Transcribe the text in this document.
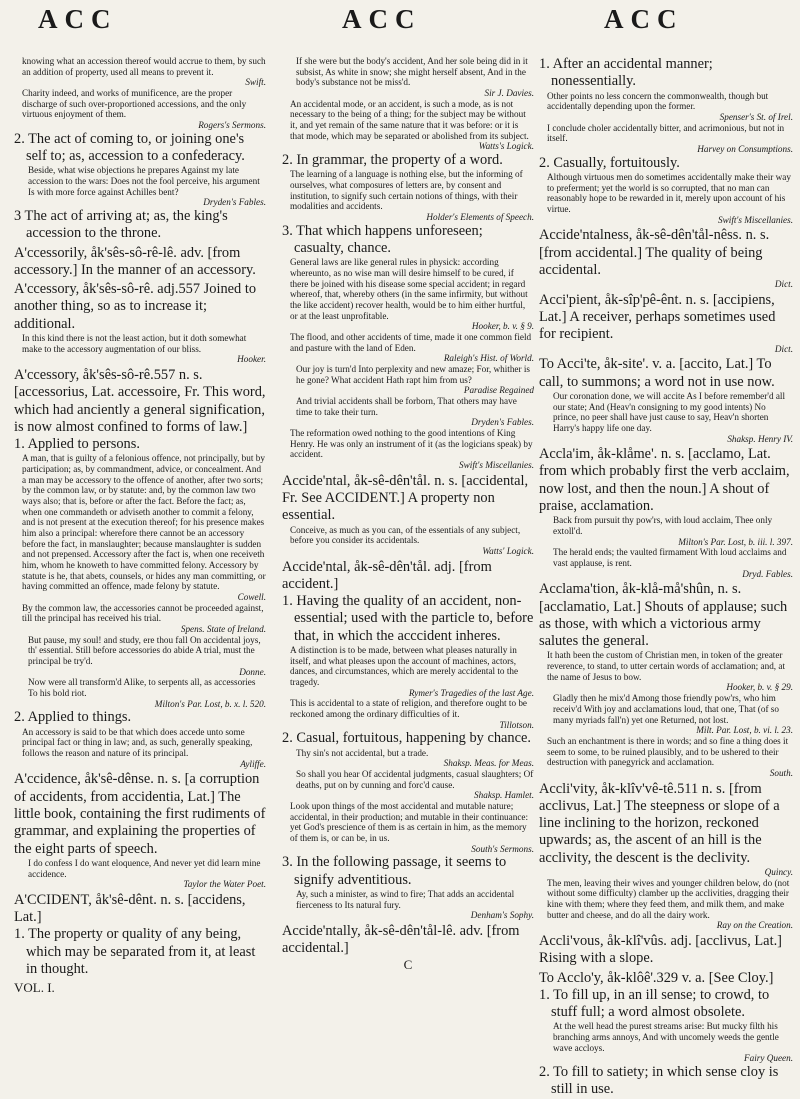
ACC	ACC	ACC

knowing what an accession thereof would accrue to them, by such an addition of property, used all means to prevent it.

Swift.

Charity indeed, and works of munificence, are the proper discharge of such over-proportioned accessions, and the only virtuous enjoyment of them.

Rogers's Sermons.

2. The act of coming to, or joining one's self to; as, accession to a confederacy.

Beside, what wise objections he prepares Against my late accession to the wars: Does not the fool perceive, his argument Is with more force against Achilles bent?

Dryden's Fables.

3 The act of arriving at; as, the king's accession to the throne.

A'ccessorily, åk'sês-sô-rê-lê. adv. [from accessory.] In the manner of an accessory.

A'ccessory, åk'sês-sô-rê. adj.557 Joined to another thing, so as to increase it; additional.

In this kind there is not the least action, but it doth somewhat make to the accessory augmentation of our bliss.

Hooker.

A'ccessory, åk'sês-sô-rê.557 n. s. [accessorius, Lat. accessoire, Fr. This word, which had anciently a general signification, is now almost confined to forms of law.]

1. Applied to persons.

A man, that is guilty of a felonious offence, not principally, but by participation; as, by commandment, advice, or concealment. And a man may be accessory to the offence of another, after two sorts; by the common law, or by statute: and, by the common law two ways also; that is, before or after the fact. Before the fact; as, when one commandeth or adviseth another to commit a felony, and is not present at the execution thereof; for his presence makes him also a principal: wherefore there cannot be an accessory before the fact, in manslaughter; because manslaughter is sudden and not prepensed. Accessory after the fact is, when one receiveth him, whom he knoweth to have committed felony. Accessory by statute is he, that abets, counsels, or hides any man committing, or having committed an offence, made felony by statute.

Cowell.

By the common law, the accessories cannot be proceeded against, till the principal has received his trial.

Spens. State of Ireland.

But pause, my soul! and study, ere thou fall On accidental joys, th' essential. Still before accessories do abide A trial, must the principal be try'd.

Donne.

Now were all transform'd Alike, to serpents all, as accessories To his bold riot.

Milton's Par. Lost, b. x. l. 520.

2. Applied to things.

An accessory is said to be that which does accede unto some principal fact or thing in law; and, as such, generally speaking, follows the reason and nature of its principal.

Ayliffe.

A'ccidence, åk'sê-dênse. n. s. [a corruption of accidents, from accidentia, Lat.] The little book, containing the first rudiments of grammar, and explaining the properties of the eight parts of speech.

I do confess I do want eloquence, And never yet did learn mine accidence.

Taylor the Water Poet.

A'CCIDENT, åk'sê-dênt. n. s. [accidens, Lat.]

1. The property or quality of any being, which may be separated from it, at least in thought.

VOL. I.

If she were but the body's accident, And her sole being did in it subsist, As white in snow; she might herself absent, And in the body's substance not be miss'd.

Sir J. Davies.

An accidental mode, or an accident, is such a mode, as is not necessary to the being of a thing; for the subject may be without it, and yet remain of the same nature that it was before: or it is that mode, which may be separated or abolished from its subject.

Watts's Logick.

2. In grammar, the property of a word.

The learning of a language is nothing else, but the informing of ourselves, what composures of letters are, by consent and institution, to signify such certain notions of things, with their modalities and accidents.

Holder's Elements of Speech.

3. That which happens unforeseen; casualty, chance.

General laws are like general rules in physick: according whereunto, as no wise man will desire himself to be cured, if there be joined with his disease some special accident; in regard whereof, that, whereby others (in the same infirmity, but without the like accident) recover health, would be to him either hurtful, or at the least unprofitable.

Hooker, b. v. § 9.

The flood, and other accidents of time, made it one common field and pasture with the land of Eden.

Raleigh's Hist. of World.

Our joy is turn'd Into perplexity and new amaze; For, whither is he gone? What accident Hath rapt him from us?

Paradise Regained

And trivial accidents shall be forborn, That others may have time to take their turn.

Dryden's Fables.

The reformation owed nothing to the good intentions of King Henry. He was only an instrument of it (as the logicians speak) by accident.

Swift's Miscellanies.

Accide'ntal, åk-sê-dên'tål. n. s. [accidental, Fr. See ACCIDENT.] A property non essential.

Conceive, as much as you can, of the essentials of any subject, before you consider its accidentals.

Watts' Logick.

Accide'ntal, åk-sê-dên'tål. adj. [from accident.]

1. Having the quality of an accident, non-essential; used with the particle to, before that, in which the acccident inheres.

A distinction is to be made, between what pleases naturally in itself, and what pleases upon the account of machines, actors, dances, and circumstances, which are merely accidental to the tragedy.

Rymer's Tragedies of the last Age.

This is accidental to a state of religion, and therefore ought to be reckoned among the ordinary difficulties of it.

Tillotson.

2. Casual, fortuitous, happening by chance.

Thy sin's not accidental, but a trade.

Shaksp. Meas. for Meas.

So shall you hear Of accidental judgments, casual slaughters; Of deaths, put on by cunning and forc'd cause.

Shaksp. Hamlet.

Look upon things of the most accidental and mutable nature; accidental, in their production; and mutable in their continuance: yet God's prescience of them is as certain in him, as the memory of them is, or can be, in us.

South's Sermons.

3. In the following passage, it seems to signify adventitious.

Ay, such a minister, as wind to fire; That adds an accidental fierceness to Its natural fury.

Denham's Sophy.

Accide'ntally, åk-sê-dên'tål-lê. adv. [from accidental.]

C

1. After an accidental manner; nonessentially.

Other points no less concern the commonwealth, though but accidentally depending upon the former.

Spenser's St. of Irel.

I conclude choler accidentally bitter, and acrimonious, but not in itself.

Harvey on Consumptions.

2. Casually, fortuitously.

Although virtuous men do sometimes accidentally make their way to preferment; yet the world is so corrupted, that no man can reasonably hope to be rewarded in it, merely upon account of his virtue.

Swift's Miscellanies.

Accide'ntalness, åk-sê-dên'tål-nêss. n. s. [from accidental.] The quality of being accidental.

Dict.

Acci'pient, åk-sîp'pê-ênt. n. s. [accipiens, Lat.] A receiver, perhaps sometimes used for recipient.

Dict.

To Acci'te, åk-site'. v. a. [accito, Lat.] To call, to summons; a word not in use now.

Our coronation done, we will accite As I before remember'd all our state; And (Heav'n consigning to my good intents) No prince, no peer shall have just cause to say, Heav'n shorten Harry's happy life one day.

Shaksp. Henry IV.

Accla'im, åk-klåme'. n. s. [acclamo, Lat. from which probably first the verb acclaim, now lost, and then the noun.] A shout of praise, acclamation.

Back from pursuit thy pow'rs, with loud acclaim, Thee only extoll'd.

Milton's Par. Lost, b. iii. l. 397.

The herald ends; the vaulted firmament With loud acclaims and vast applause, is rent.

Dryd. Fables.

Acclama'tion, åk-klå-må'shûn, n. s. [acclamatio, Lat.] Shouts of applause; such as those, with which a victorious army salutes the general.

It hath been the custom of Christian men, in token of the greater reverence, to stand, to utter certain words of acclamation; and, at the name of Jesus to bow.

Hooker, b. v. § 29.

Gladly then he mix'd Among those friendly pow'rs, who him receiv'd With joy and acclamations loud, that one, That (of so many myriads fall'n) yet one Returned, not lost.

Milt. Par. Lost, b. vi. l. 23.

Such an enchantment is there in words; and so fine a thing does it seem to some, to be ruined plausibly, and to be ushered to their destruction with panegyrick and acclamation.

South.

Accli'vity, åk-klîv'vê-tê.511 n. s. [from acclivus, Lat.] The steepness or slope of a line inclining to the horizon, reckoned upwards; as, the ascent of an hill is the acclivity, the descent is the declivity.

Quincy.

The men, leaving their wives and younger children below, do (not without some difficulty) clamber up the acclivities, dragging their kine with them; where they feed them, and milk them, and make butter and cheese, and do all the dairy work.

Ray on the Creation.

Accli'vous, åk-klî'vûs. adj. [acclivus, Lat.] Rising with a slope.

To Acclo'y, åk-klôê'.329 v. a. [See Cloy.]

1. To fill up, in an ill sense; to crowd, to stuff full; a word almost obsolete.

At the well head the purest streams arise: But mucky filth his branching arms annoys, And with uncomely weeds the gentle wave accloys.

Fairy Queen.

2. To fill to satiety; in which sense cloy is still in use.
